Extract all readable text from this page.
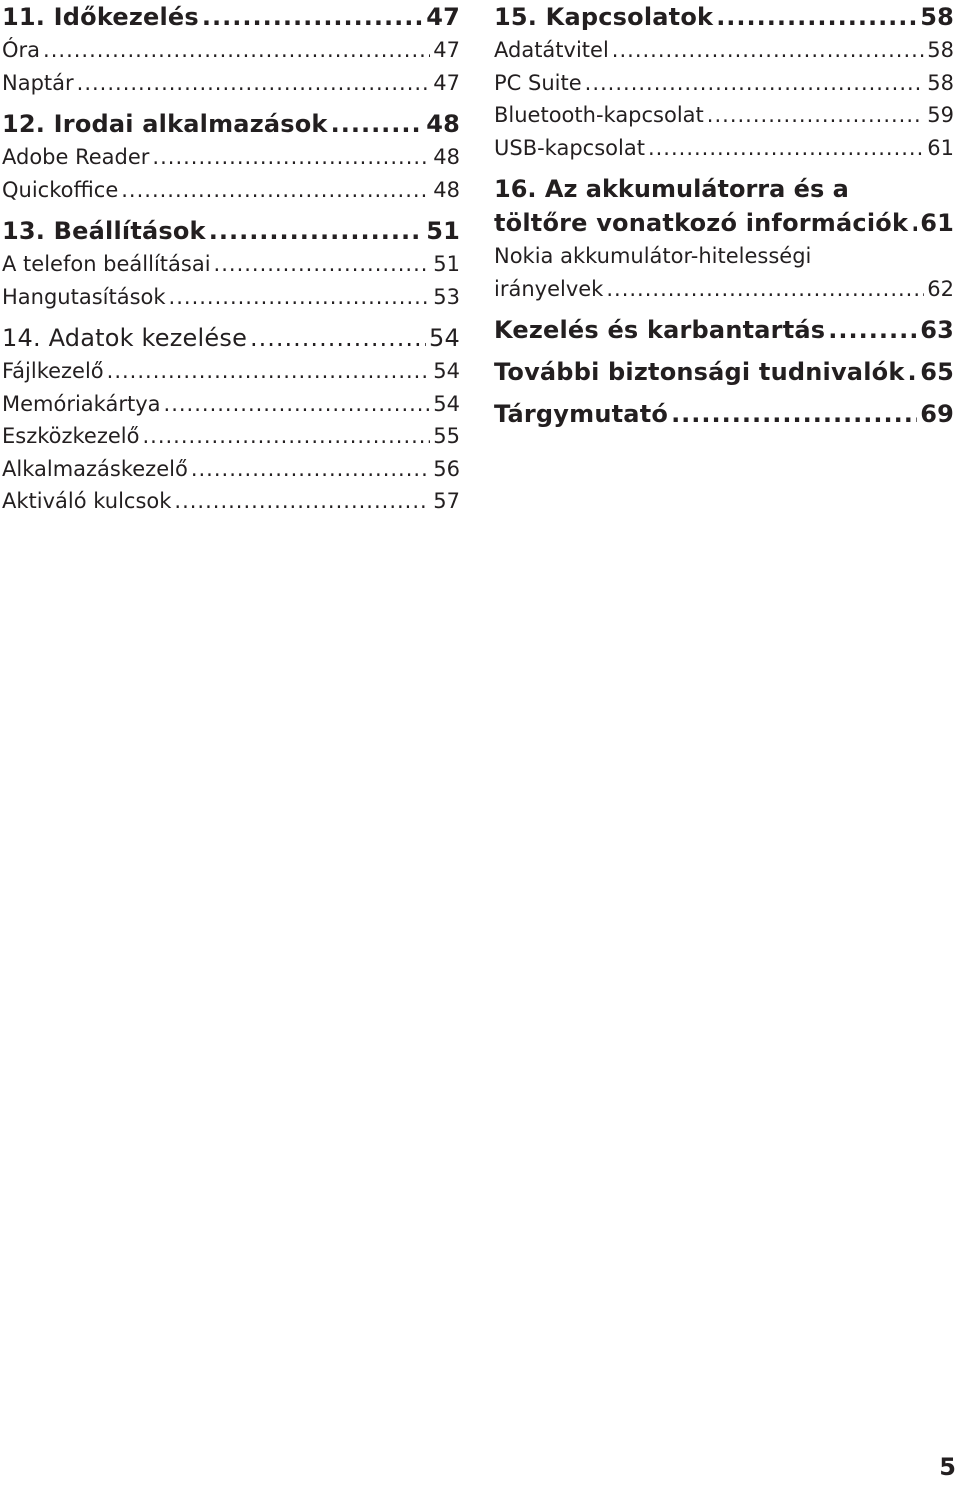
11. Időkezelés .....	47
Óra .....	47
Naptár .....	47
12. Irodai alkalmazások .....	48
Adobe Reader .....	48
Quickoffice .....	48
13. Beállítások .....	51
A telefon beállításai .....	51
Hangutasítások .....	53
14. Adatok kezelése .....	54
Fájlkezelő .....	54
Memóriakártya .....	54
Eszközkezelő .....	55
Alkalmazáskezelő .....	56
Aktiváló kulcsok .....	57
15. Kapcsolatok .....	58
Adatátvitel .....	58
PC Suite .....	58
Bluetooth-kapcsolat .....	59
USB-kapcsolat .....	61
16. Az akkumulátorra és a
töltőre vonatkozó információk ..... 61
Nokia akkumulátor-hitelességi
irányelvek .....	62
Kezelés és karbantartás .....	63
További biztonsági tudnivalók ..... 65
Tárgymutató .....	69
5
